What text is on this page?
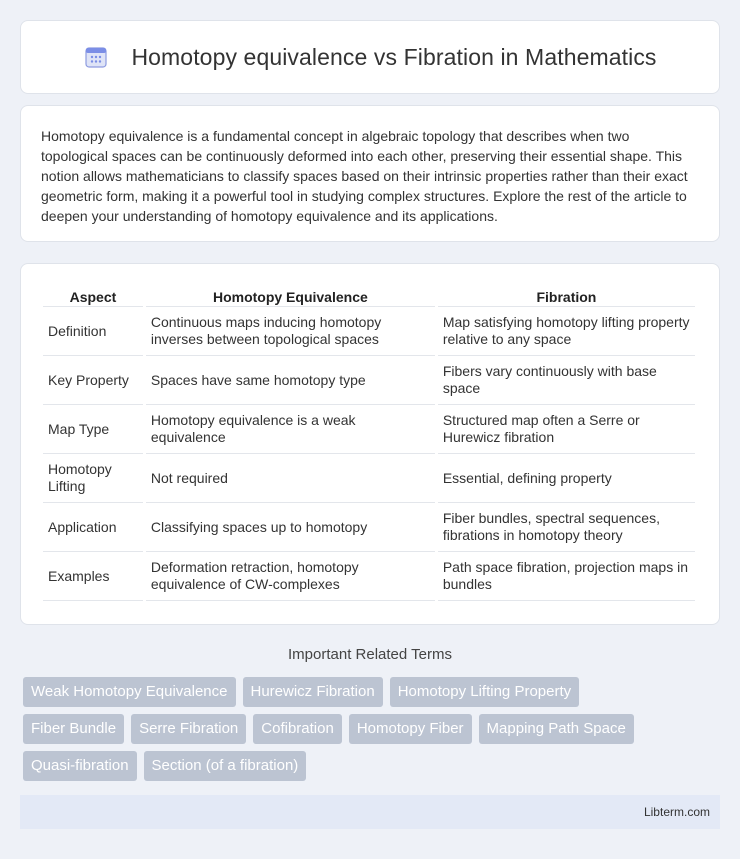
Homotopy equivalence vs Fibration in Mathematics

Homotopy equivalence is a fundamental concept in algebraic topology that describes when two topological spaces can be continuously deformed into each other, preserving their essential shape. This notion allows mathematicians to classify spaces based on their intrinsic properties rather than their exact geometric form, making it a powerful tool in studying complex structures. Explore the rest of the article to deepen your understanding of homotopy equivalence and its applications.

Aspect	Homotopy Equivalence	Fibration
Definition	Continuous maps inducing homotopy inverses between topological spaces	Map satisfying homotopy lifting property relative to any space
Key Property	Spaces have same homotopy type	Fibers vary continuously with base space
Map Type	Homotopy equivalence is a weak equivalence	Structured map often a Serre or Hurewicz fibration
Homotopy Lifting	Not required	Essential, defining property
Application	Classifying spaces up to homotopy	Fiber bundles, spectral sequences, fibrations in homotopy theory
Examples	Deformation retraction, homotopy equivalence of CW-complexes	Path space fibration, projection maps in bundles
Important Related Terms
Weak Homotopy Equivalence	Hurewicz Fibration	Homotopy Lifting Property
Fiber Bundle	Serre Fibration	Cofibration	Homotopy Fiber	Mapping Path Space
Quasi-fibration	Section (of a fibration)
Libterm.com
